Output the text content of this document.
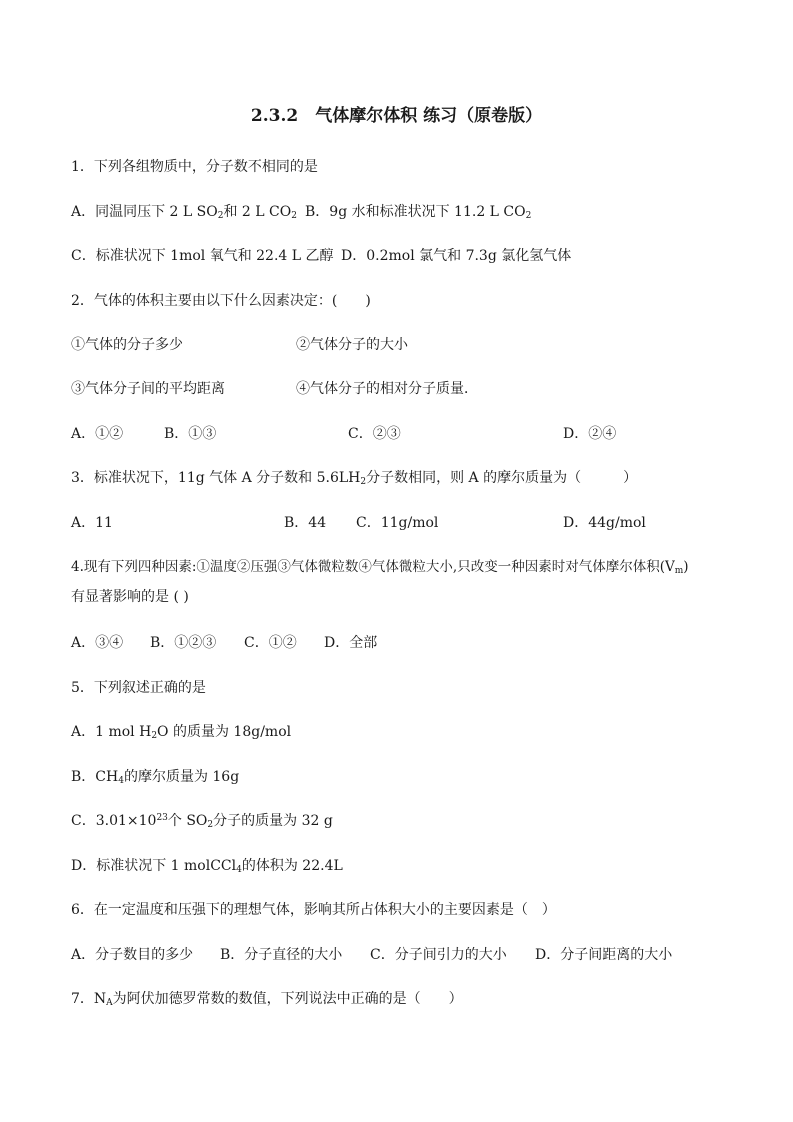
2.3.2　气体摩尔体积 练习（原卷版）
1．下列各组物质中，分子数不相同的是
A．同温同压下 2 L $SO_2$和 2 L $CO_2$ B．9g 水和标准状况下 11.2 L $CO_2$
C．标准状况下 1mol 氧气和 22.4 L 乙醇 D．0.2mol 氯气和 7.3g 氯化氢气体
2．气体的体积主要由以下什么因素决定：(　　)
①气体的分子多少	②气体分子的大小
③气体分子间的平均距离	④气体分子的相对分子质量．
A．①②	B．①③	C．②③	D．②④
3．标准状况下，11g 气体 A 分子数和 $5.6LH_2$分子数相同，则 A 的摩尔质量为（　　　）
A．11	B．44 C．11g/mol	D．44g/mol
4.现有下列四种因素:①温度②压强③气体微粒数④气体微粒大小,只改变一种因素时对气体摩尔体积$(V_m)$
有显著影响的是 ( )
A．③④ B．①②③ C．①② D．全部
5．下列叙述正确的是
A．1 mol $H_2O$ 的质量为 18g/mol
B．$CH_4$的摩尔质量为 16g
C．$3.01\times 10^{23}$个 $SO_2$分子的质量为 32 g
D．标准状况下 1 molCCl$_4$的体积为 22.4L
6．在一定温度和压强下的理想气体，影响其所占体积大小的主要因素是（　）
A．分子数目的多少 B．分子直径的大小 C．分子间引力的大小 D．分子间距离的大小
7．$N_A$为阿伏加德罗常数的数值，下列说法中正确的是（　　）
